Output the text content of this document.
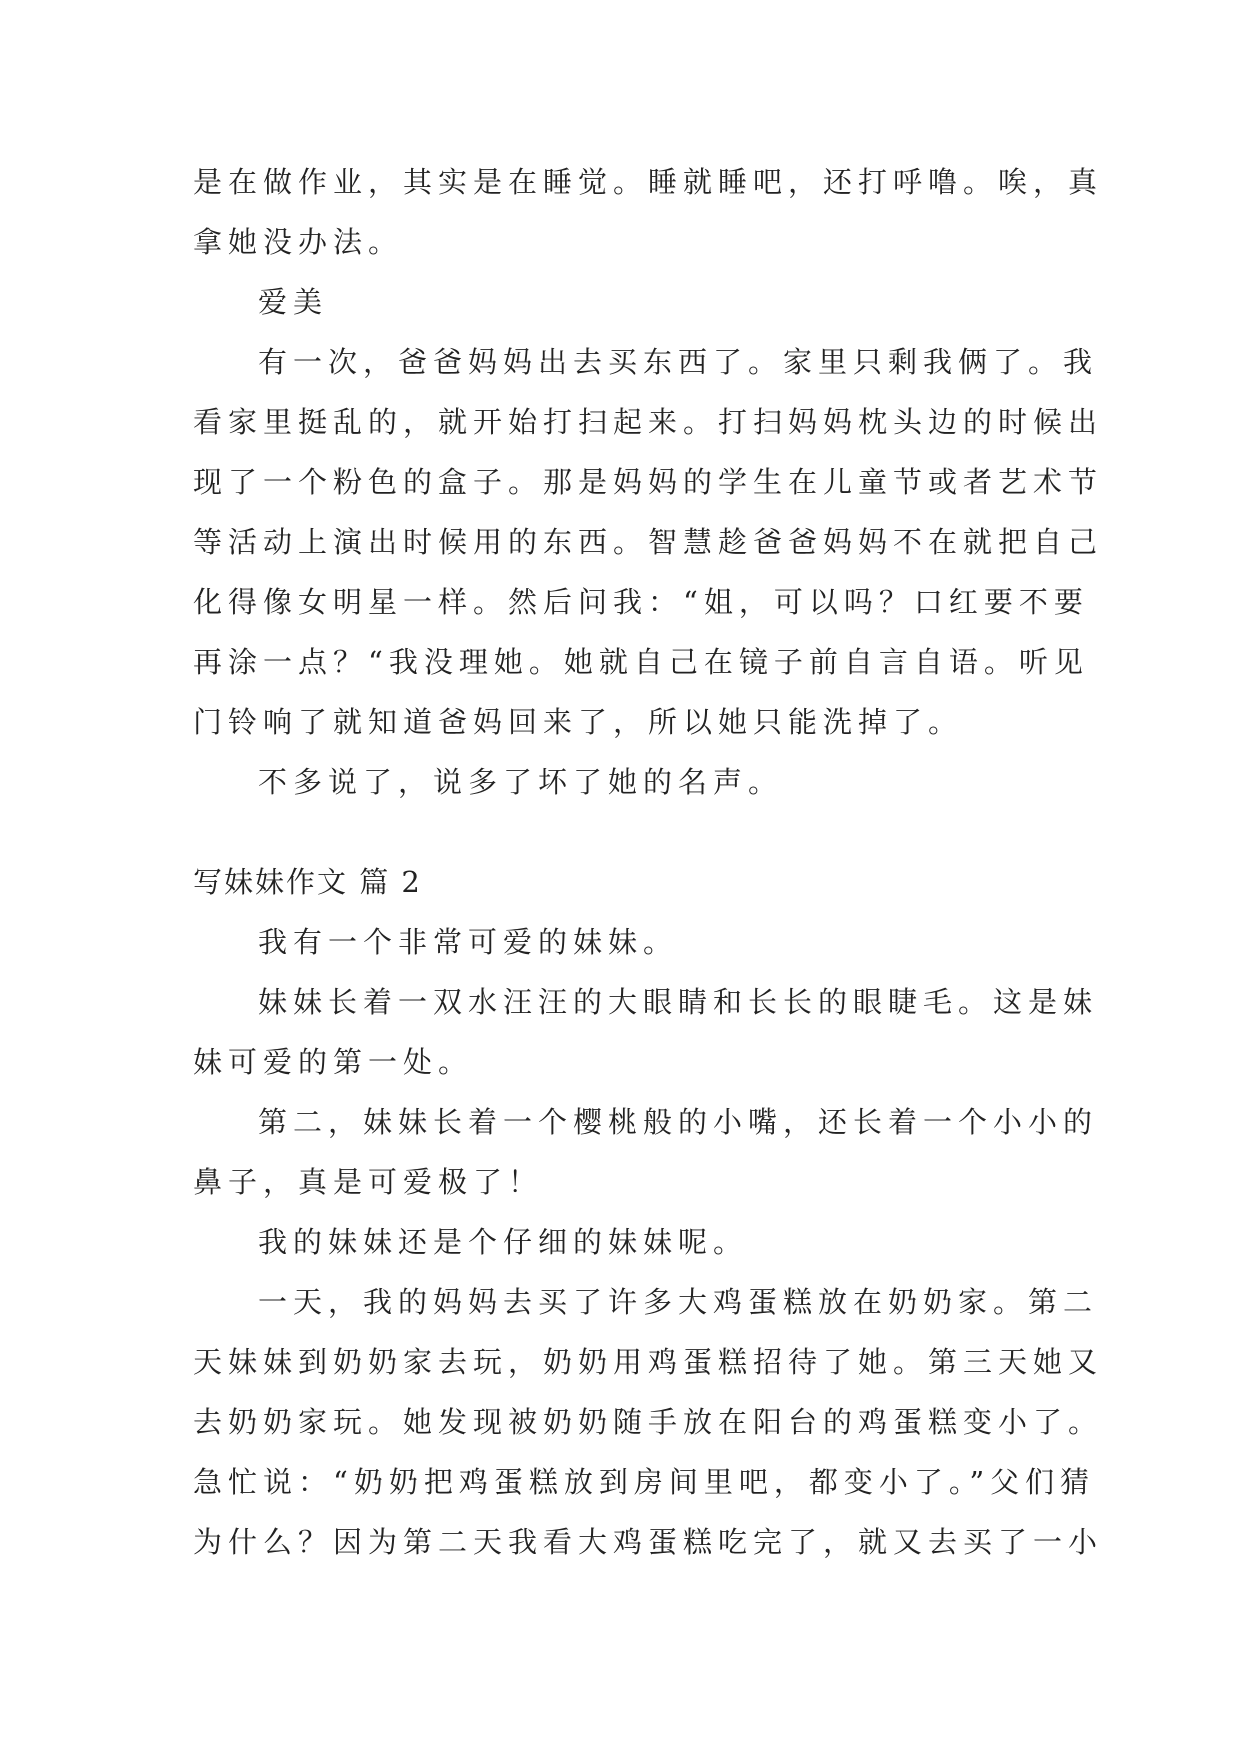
是在做作业，其实是在睡觉。睡就睡吧，还打呼噜。唉，真

拿她没办法。

爱美

有一次，爸爸妈妈出去买东西了。家里只剩我俩了。我

看家里挺乱的，就开始打扫起来。打扫妈妈枕头边的时候出

现了一个粉色的盒子。那是妈妈的学生在儿童节或者艺术节

等活动上演出时候用的东西。智慧趁爸爸妈妈不在就把自己

化得像女明星一样。然后问我：“姐，可以吗？口红要不要

再涂一点？“我没理她。她就自己在镜子前自言自语。听见

门铃响了就知道爸妈回来了，所以她只能洗掉了。

不多说了，说多了坏了她的名声。

写妹妹作文 篇 2

我有一个非常可爱的妹妹。

妹妹长着一双水汪汪的大眼睛和长长的眼睫毛。这是妹

妹可爱的第一处。

第二，妹妹长着一个樱桃般的小嘴，还长着一个小小的

鼻子，真是可爱极了！

我的妹妹还是个仔细的妹妹呢。

一天，我的妈妈去买了许多大鸡蛋糕放在奶奶家。第二

天妹妹到奶奶家去玩，奶奶用鸡蛋糕招待了她。第三天她又

去奶奶家玩。她发现被奶奶随手放在阳台的鸡蛋糕变小了。

急忙说：“奶奶把鸡蛋糕放到房间里吧，都变小了。”父们猜

为什么？因为第二天我看大鸡蛋糕吃完了，就又去买了一小
